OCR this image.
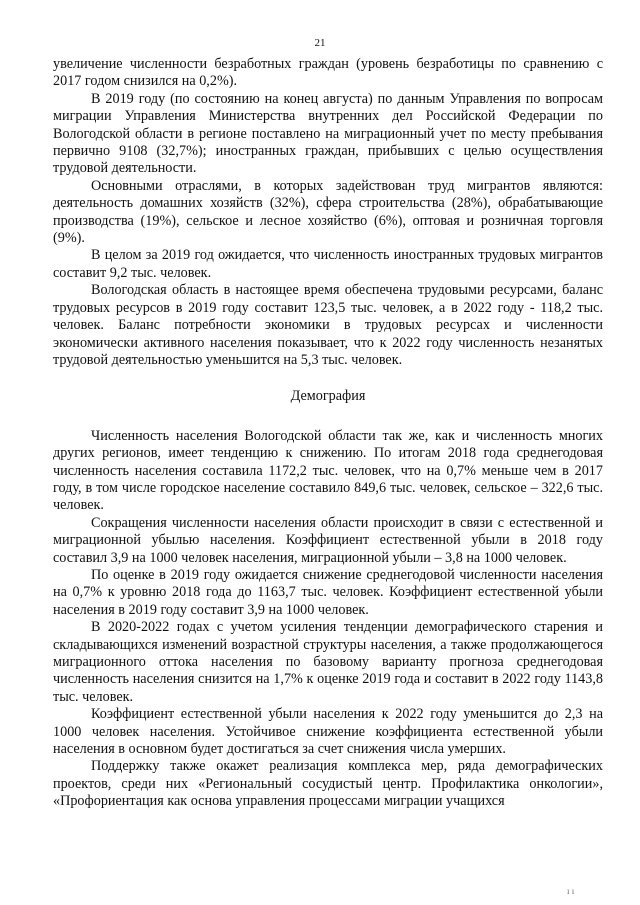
21

увеличение численности безработных граждан (уровень безработицы по сравнению с 2017 годом снизился на 0,2%).

В 2019 году (по состоянию на конец августа) по данным Управления по вопросам миграции Управления Министерства внутренних дел Российской Федерации по Вологодской области в регионе поставлено на миграционный учет по месту пребывания первично 9108 (32,7%); иностранных граждан, прибывших с целью осуществления трудовой деятельности.

Основными отраслями, в которых задействован труд мигрантов являются: деятельность домашних хозяйств (32%), сфера строительства (28%), обрабатывающие производства (19%), сельское и лесное хозяйство (6%), оптовая и розничная торговля (9%).

В целом за 2019 год ожидается, что численность иностранных трудовых мигрантов составит 9,2 тыс. человек.

Вологодская область в настоящее время обеспечена трудовыми ресурсами, баланс трудовых ресурсов в 2019 году составит 123,5 тыс. человек, а в 2022 году - 118,2 тыс. человек. Баланс потребности экономики в трудовых ресурсах и численности экономически активного населения показывает, что к 2022 году численность незанятых трудовой деятельностью уменьшится на 5,3 тыс. человек.

Демография

Численность населения Вологодской области так же, как и численность многих других регионов, имеет тенденцию к снижению. По итогам 2018 года среднегодовая численность населения составила 1172,2 тыс. человек, что на 0,7% меньше чем в 2017 году, в том числе городское население составило 849,6 тыс. человек, сельское – 322,6 тыс. человек.

Сокращения численности населения области происходит в связи с естественной и миграционной убылью населения. Коэффициент естественной убыли в 2018 году составил 3,9 на 1000 человек населения, миграционной убыли – 3,8 на 1000 человек.

По оценке в 2019 году ожидается снижение среднегодовой численности населения на 0,7% к уровню 2018 года до 1163,7 тыс. человек. Коэффициент естественной убыли населения в 2019 году составит 3,9 на 1000 человек.

В 2020-2022 годах с учетом усиления тенденции демографического старения и складывающихся изменений возрастной структуры населения, а также продолжающегося миграционного оттока населения по базовому варианту прогноза среднегодовая численность населения снизится на 1,7% к оценке 2019 года и составит в 2022 году 1143,8 тыс. человек.

Коэффициент естественной убыли населения к 2022 году уменьшится до 2,3 на 1000 человек населения. Устойчивое снижение коэффициента естественной убыли населения в основном будет достигаться за счет снижения числа умерших.

Поддержку также окажет реализация комплекса мер, ряда демографических проектов, среди них «Региональный сосудистый центр. Профилактика онкологии», «Профориентация как основа управления процессами миграции учащихся

ı ı
